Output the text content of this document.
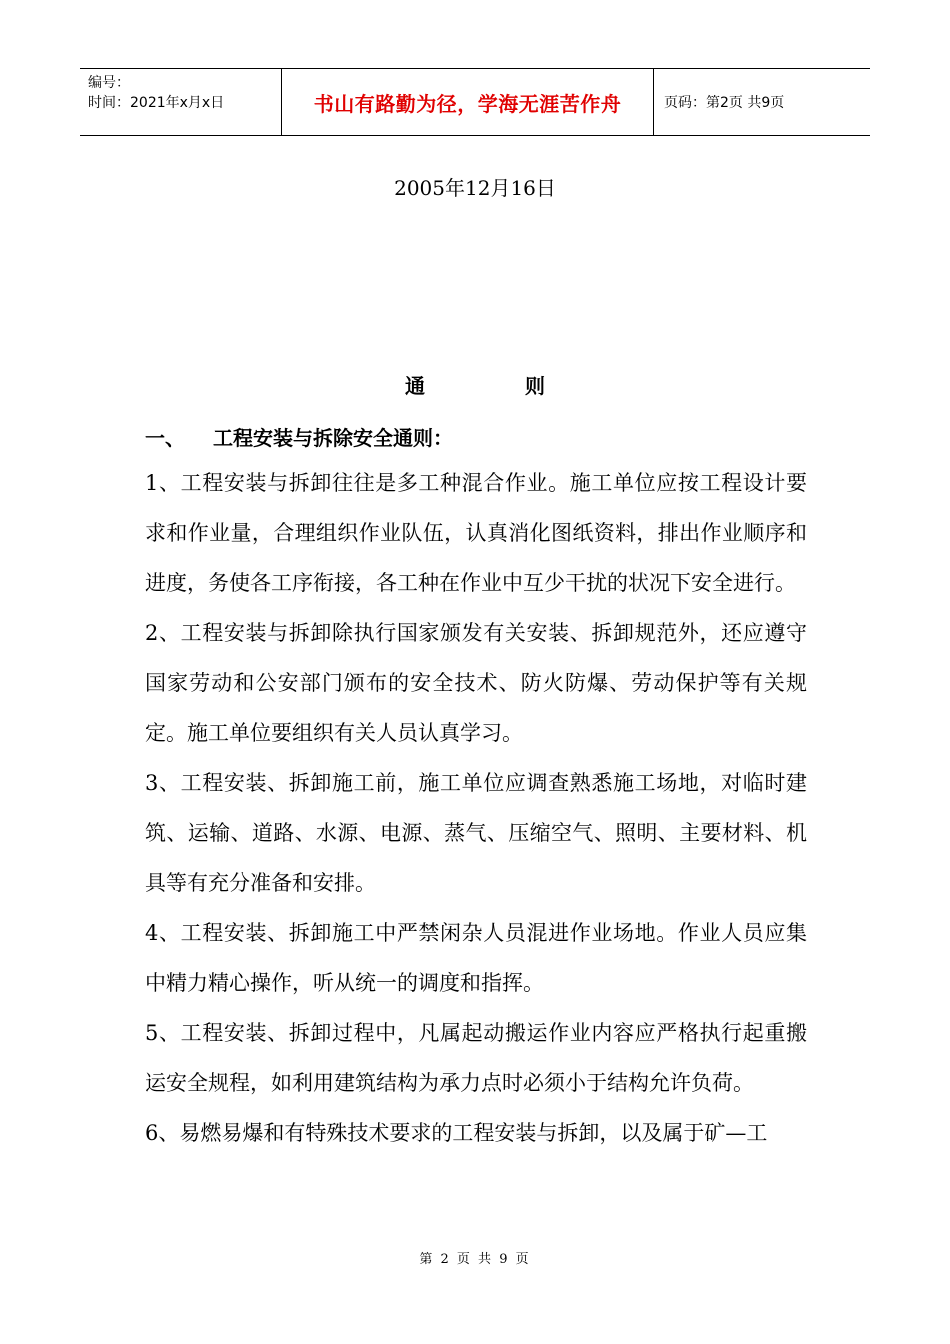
编号：
时间：2021年x月x日	书山有路勤为径，学海无涯苦作舟	页码：第2页 共9页
2005年12月16日
通则
一、	工程安装与拆除安全通则：

1、工程安装与拆卸往往是多工种混合作业。施工单位应按工程设计要求和作业量，合理组织作业队伍，认真消化图纸资料，排出作业顺序和进度，务使各工序衔接，各工种在作业中互少干扰的状况下安全进行。

2、工程安装与拆卸除执行国家颁发有关安装、拆卸规范外，还应遵守国家劳动和公安部门颁布的安全技术、防火防爆、劳动保护等有关规定。施工单位要组织有关人员认真学习。

3、工程安装、拆卸施工前，施工单位应调查熟悉施工场地，对临时建筑、运输、道路、水源、电源、蒸气、压缩空气、照明、主要材料、机具等有充分准备和安排。

4、工程安装、拆卸施工中严禁闲杂人员混进作业场地。作业人员应集中精力精心操作，听从统一的调度和指挥。

5、工程安装、拆卸过程中，凡属起动搬运作业内容应严格执行起重搬运安全规程，如利用建筑结构为承力点时必须小于结构允许负荷。

6、易燃易爆和有特殊技术要求的工程安装与拆卸，以及属于矿—工

第 2 页 共 9 页
